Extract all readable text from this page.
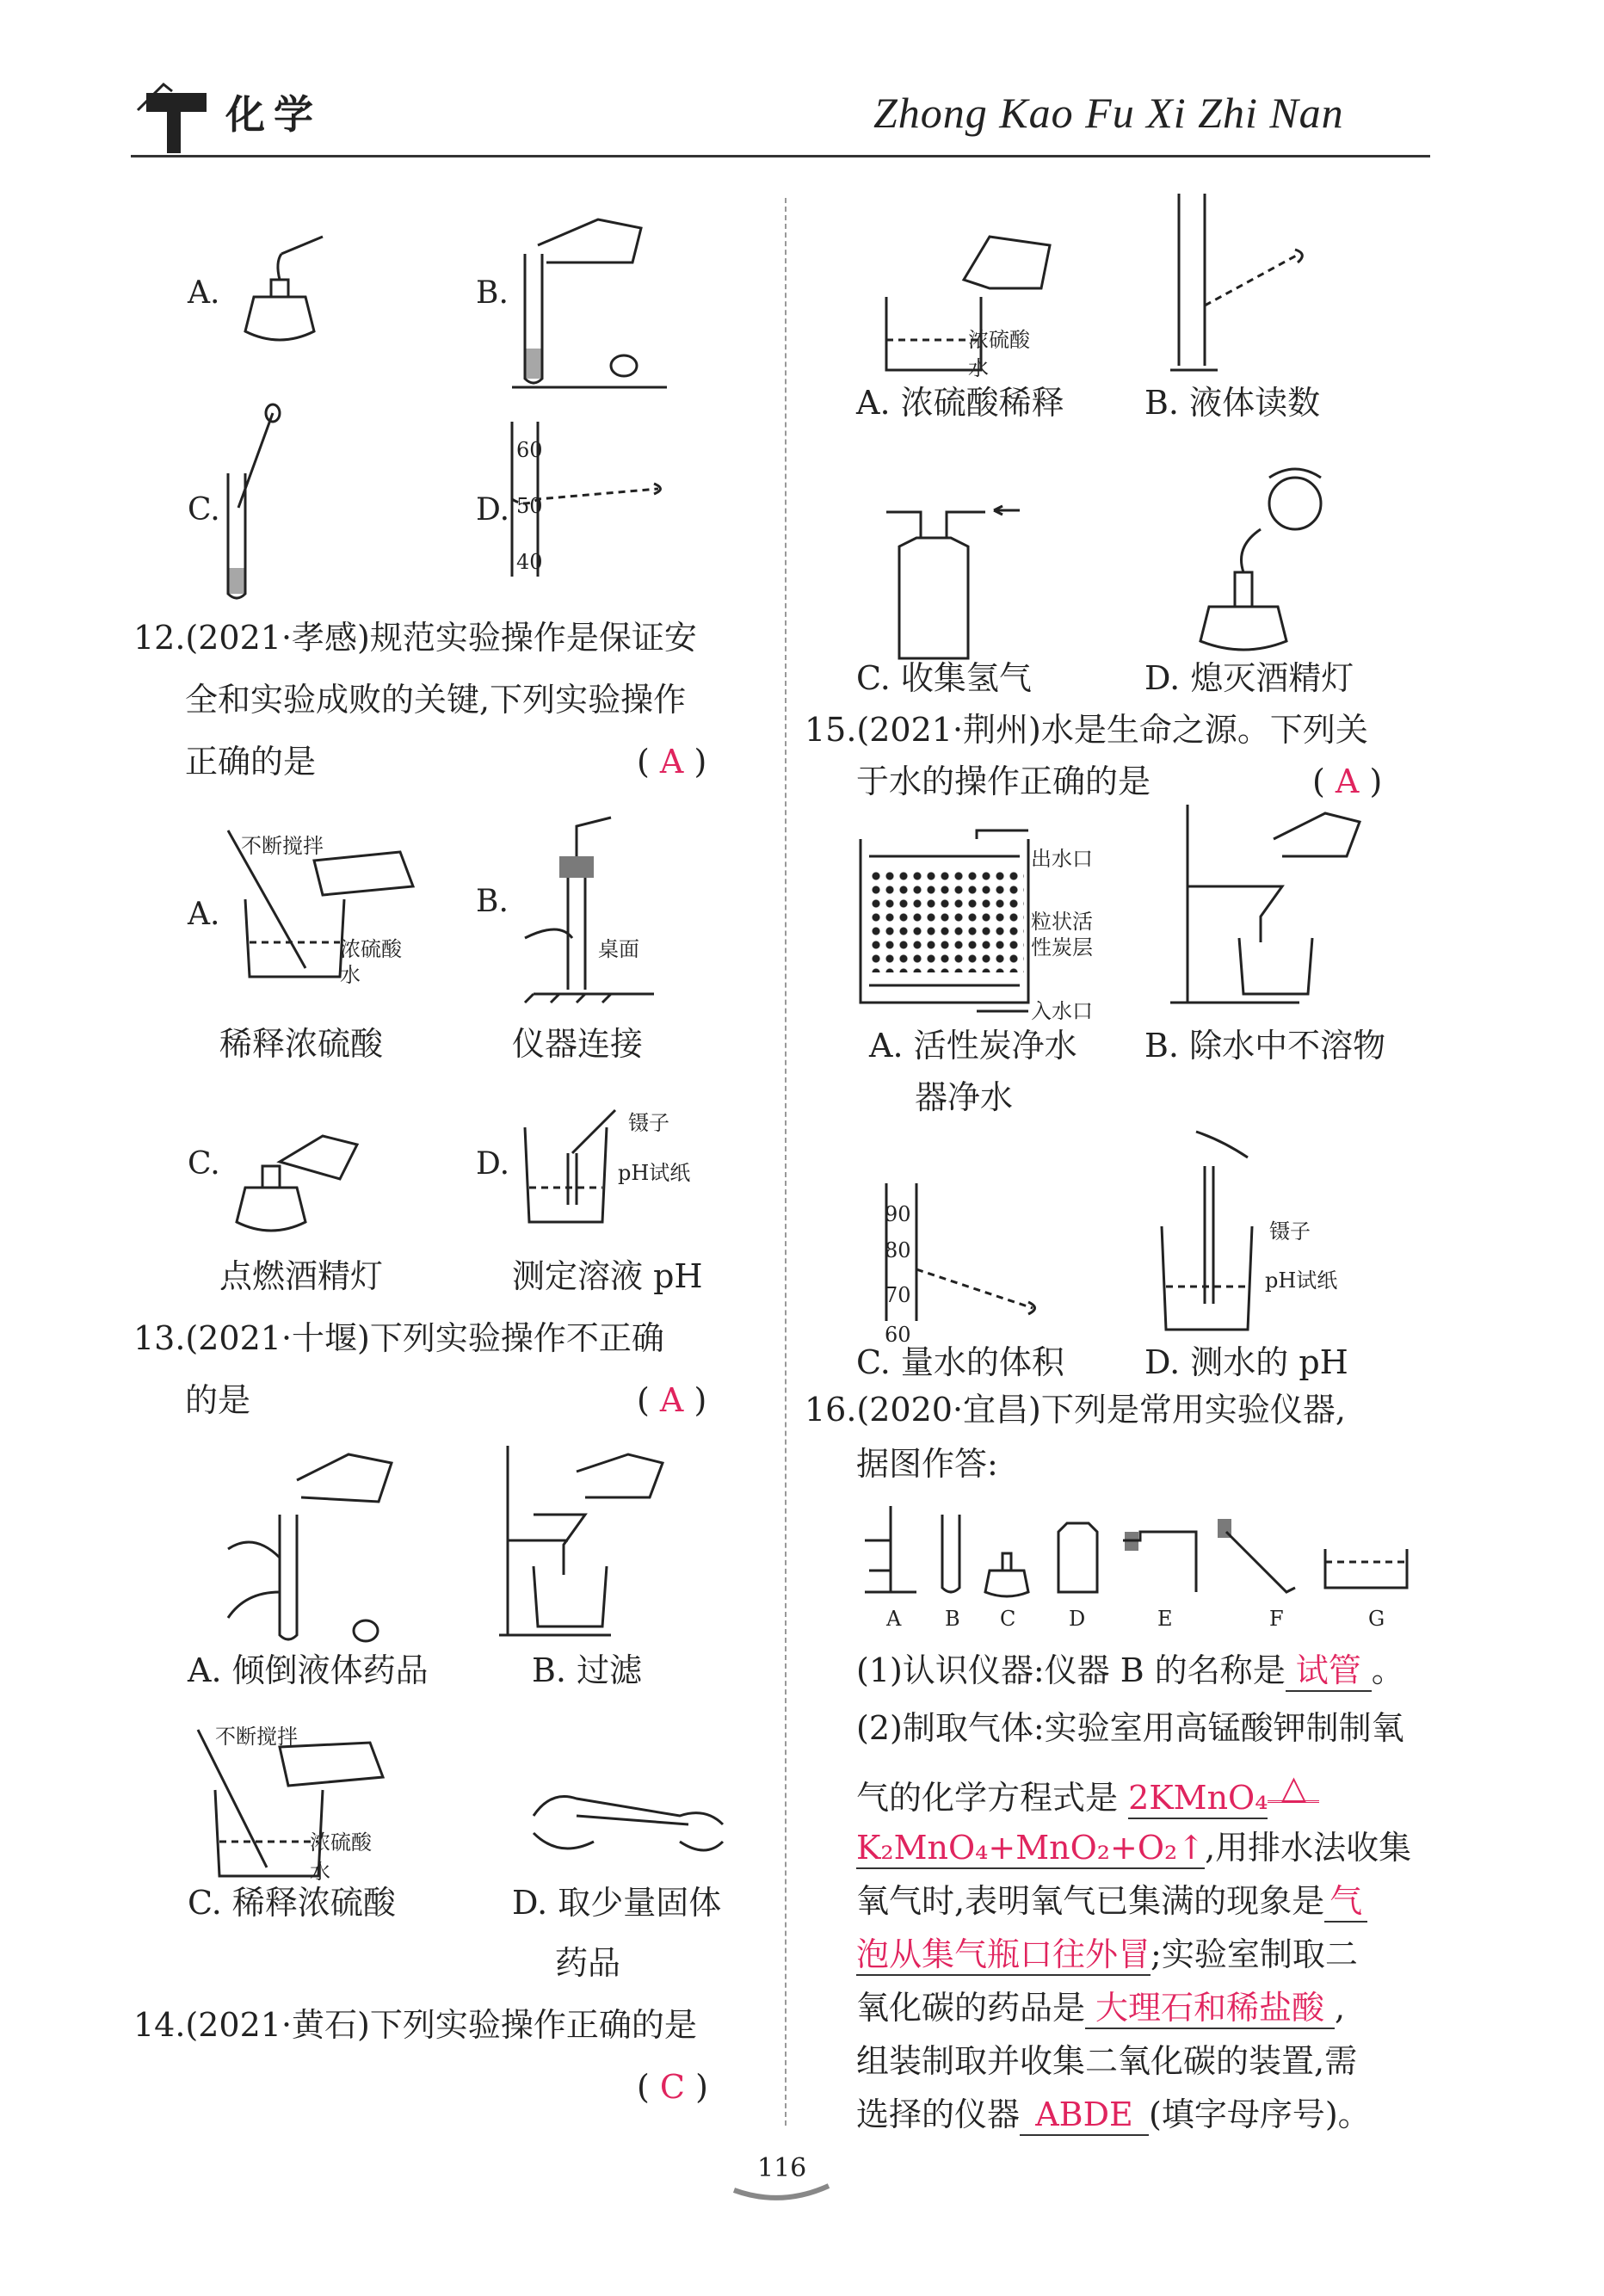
化学	Zhong Kao Fu Xi Zhi Nan
A.	B.
C.	D.
60
50
40
12.(2021·孝感)规范实验操作是保证安
全和实验成败的关键,下列实验操作
正确的是	( A )
A.
不断搅拌
浓硫酸
水
稀释浓硫酸
B.
桌面
仪器连接
C.
点燃酒精灯
D.
镊子
pH试纸
测定溶液 pH
13.(2021·十堰)下列实验操作不正确
的是	( A )
A. 倾倒液体药品	B. 过滤
不断搅拌
浓硫酸
水
C. 稀释浓硫酸	D. 取少量固体
药品
14.(2021·黄石)下列实验操作正确的是
( C )
浓硫酸
水
A. 浓硫酸稀释 B. 液体读数
C. 收集氢气	D. 熄灭酒精灯
15.(2021·荆州)水是生命之源。下列关
于水的操作正确的是	( A )
出水口
粒状活
性炭层
入水口
A. 活性炭净水
器净水
B. 除水中不溶物
90
80
70
60
C. 量水的体积
镊子
pH试纸
D. 测水的 pH
16.(2020·宜昌)下列是常用实验仪器,
据图作答:
A B C	D	E	F	G
(1)认识仪器:仪器 B 的名称是 试管 。
(2)制取气体:实验室用高锰酸钾制制氧
气的化学方程式是 2KMnO₄ △
K₂MnO₄+MnO₂+O₂↑,用排水法收集
氧气时,表明氧气已集满的现象是 气
泡从集气瓶口往外冒;实验室制取二
氧化碳的药品是 大理石和稀盐酸 ,
组装制取并收集二氧化碳的装置,需
选择的仪器 ABDE (填字母序号)。
116
